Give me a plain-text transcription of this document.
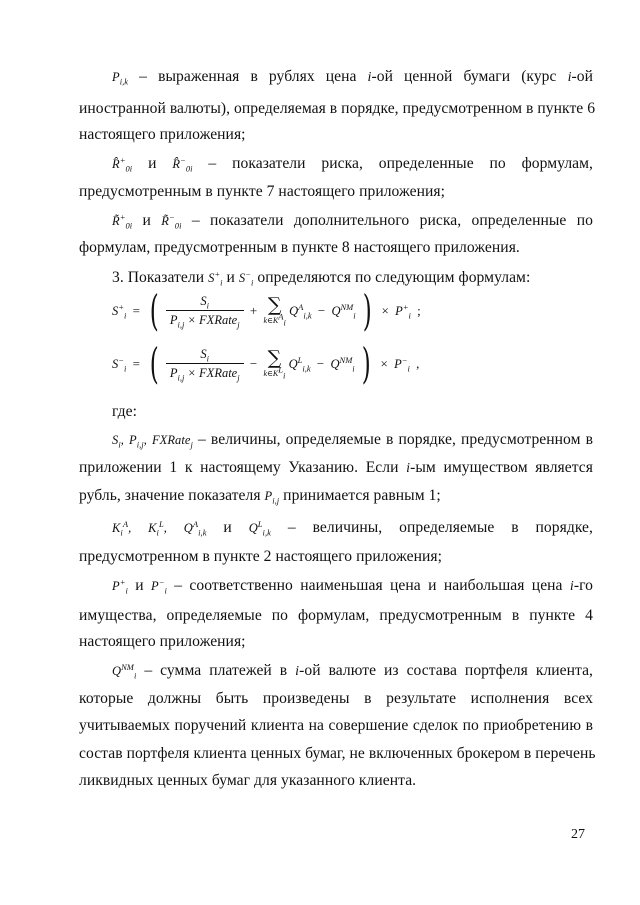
$P_{i,k}$ – выраженная в рублях цена i-ой ценной бумаги (курс i-ой
иностранной валюты), определяемая в порядке, предусмотренном в пункте 6
настоящего приложения;
$R̂^+_{0i}$ и $R̂^-_{0i}$ – показатели риска, определенные по формулам,
предусмотренным в пункте 7 настоящего приложения;
$R̃^+_{0i}$ и $R̃^-_{0i}$ – показатели дополнительного риска, определенные по
формулам, предусмотренным в пункте 8 настоящего приложения.
3. Показатели $S^+_i$ и $S^-_i$ определяются по следующим формулам:
$S^+_i$ = ( $\frac{S_i}{P_{i,j} \times FXRate_j}$ + ∑
$k\in K^A_i$
$Q^A_{i,k} - Q^{NM}_i$ ) × $P^+_i$ ;
$S^-_i$ = ( $\frac{S_i}{P_{i,j} \times FXRate_j}$ − ∑
$k\in K^L_i$
$Q^L_{i,k} - Q^{NM}_i$ ) × $P^-_i$ ,
где:
$S_i$, $P_{i,j}$, FXRate$_j$ – величины, определяемые в порядке, предусмотренном в
приложении 1 к настоящему Указанию. Если i-ым имуществом является
рубль, значение показателя $P_{i,j}$ принимается равным 1;
$K_i^A$, $K_i^L$, $Q^A_{i,k}$ и $Q^L_{i,k}$ – величины, определяемые в порядке,
предусмотренном в пункте 2 настоящего приложения;
$P^+_i$ и $P^-_i$ – соответственно наименьшая цена и наибольшая цена i-го
имущества, определяемые по формулам, предусмотренным в пункте 4
настоящего приложения;
$Q^{NM}_i$ – сумма платежей в i-ой валюте из состава портфеля клиента,
которые должны быть произведены в результате исполнения всех
учитываемых поручений клиента на совершение сделок по приобретению в
состав портфеля клиента ценных бумаг, не включенных брокером в перечень
ликвидных ценных бумаг для указанного клиента.
27
